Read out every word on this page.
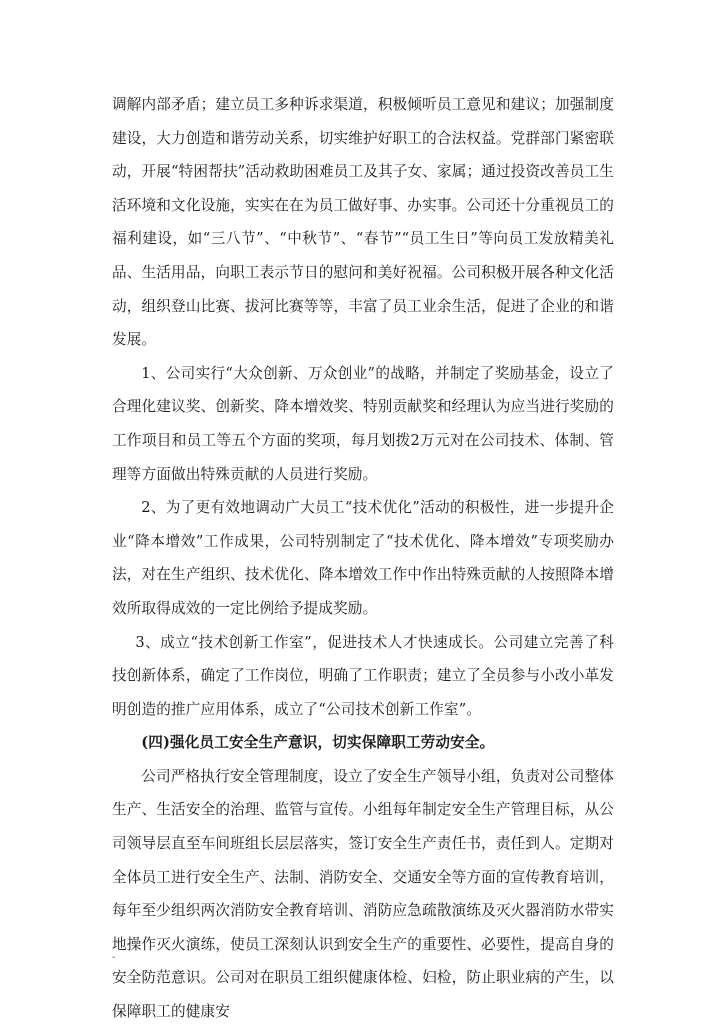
调解内部矛盾；建立员工多种诉求渠道，积极倾听员工意见和建议；加强制度建设，大力创造和谐劳动关系，切实维护好职工的合法权益。党群部门紧密联动，开展“特困帮扶”活动救助困难员工及其子女、家属；通过投资改善员工生活环境和文化设施，实实在在为员工做好事、办实事。公司还十分重视员工的福利建设，如“三八节”、“中秋节”、“春节”“员工生日”等向员工发放精美礼品、生活用品，向职工表示节日的慰问和美好祝福。公司积极开展各种文化活动，组织登山比赛、拔河比赛等等，丰富了员工业余生活，促进了企业的和谐发展。

1、公司实行“大众创新、万众创业”的战略，并制定了奖励基金，设立了合理化建议奖、创新奖、降本增效奖、特别贡献奖和经理认为应当进行奖励的工作项目和员工等五个方面的奖项，每月划拨2万元对在公司技术、体制、管理等方面做出特殊贡献的人员进行奖励。

2、为了更有效地调动广大员工“技术优化”活动的积极性，进一步提升企业“降本增效”工作成果，公司特别制定了“技术优化、降本增效”专项奖励办法，对在生产组织、技术优化、降本增效工作中作出特殊贡献的人按照降本增效所取得成效的一定比例给予提成奖励。

3、成立“技术创新工作室”，促进技术人才快速成长。公司建立完善了科技创新体系，确定了工作岗位，明确了工作职责；建立了全员参与小改小革发明创造的推广应用体系，成立了“公司技术创新工作室”。

(四)强化员工安全生产意识，切实保障职工劳动安全。

公司严格执行安全管理制度，设立了安全生产领导小组，负责对公司整体生产、生活安全的治理、监管与宣传。小组每年制定安全生产管理目标，从公司领导层直至车间班组长层层落实，签订安全生产责任书，责任到人。定期对全体员工进行安全生产、法制、消防安全、交通安全等方面的宣传教育培训，每年至少组织两次消防安全教育培训、消防应急疏散演练及灭火器消防水带实地操作灭火演练，使员工深刻认识到安全生产的重要性、必要性，提高自身的安全防范意识。公司对在职员工组织健康体检、妇检，防止职业病的产生，以保障职工的健康安

-
